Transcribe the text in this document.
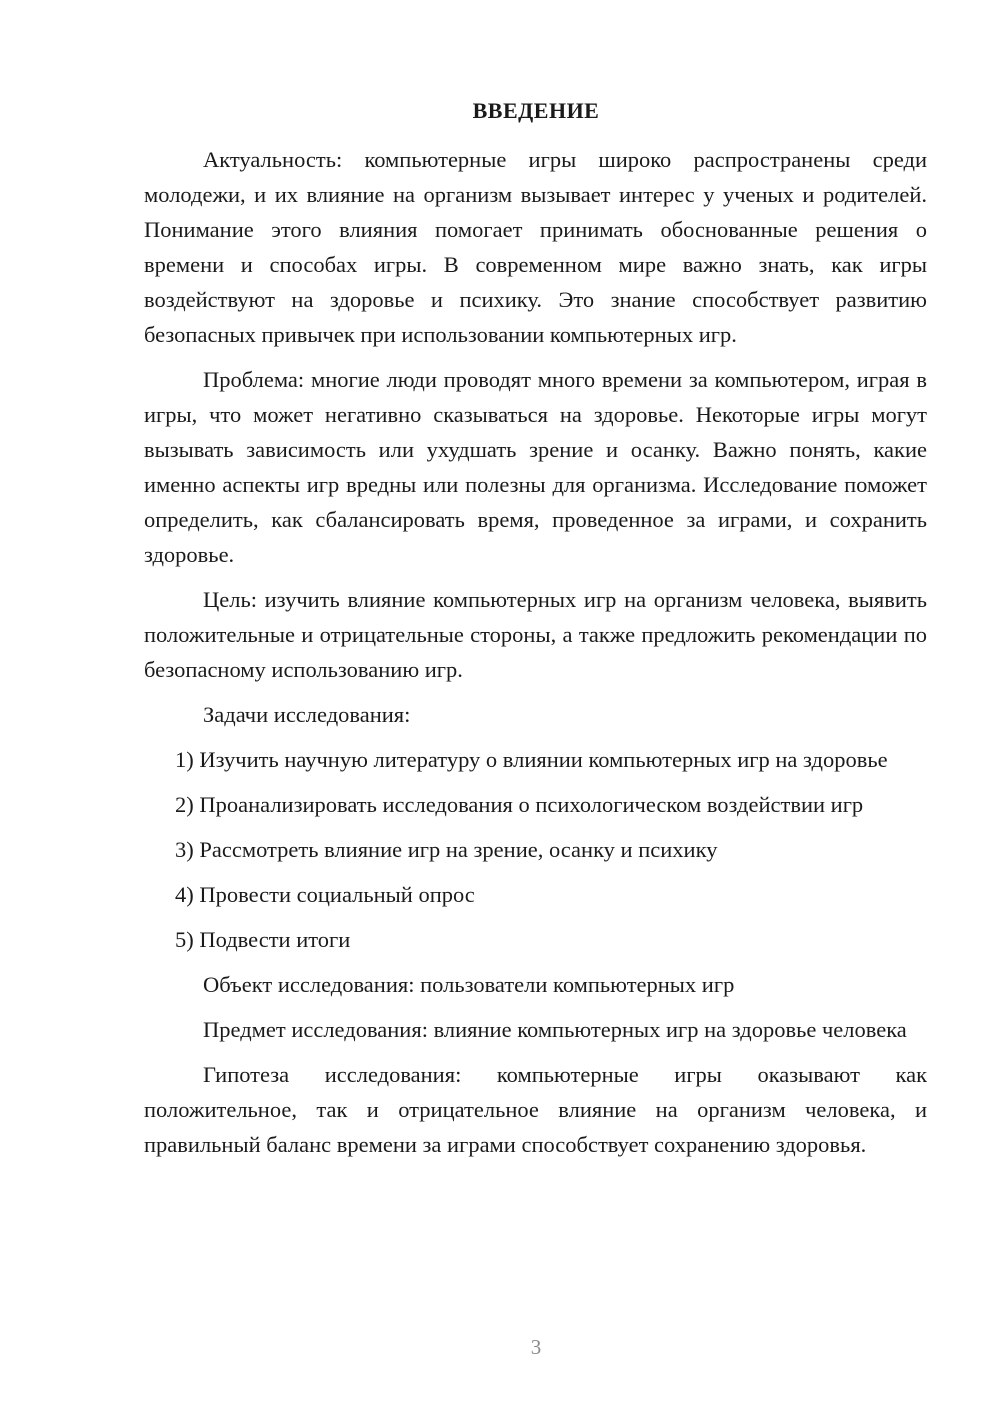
ВВЕДЕНИЕ

Актуальность: компьютерные игры широко распространены среди молодежи, и их влияние на организм вызывает интерес у ученых и родителей. Понимание этого влияния помогает принимать обоснованные решения о времени и способах игры. В современном мире важно знать, как игры воздействуют на здоровье и психику. Это знание способствует развитию безопасных привычек при использовании компьютерных игр.

Проблема: многие люди проводят много времени за компьютером, играя в игры, что может негативно сказываться на здоровье. Некоторые игры могут вызывать зависимость или ухудшать зрение и осанку. Важно понять, какие именно аспекты игр вредны или полезны для организма. Исследование поможет определить, как сбалансировать время, проведенное за играми, и сохранить здоровье.

Цель: изучить влияние компьютерных игр на организм человека, выявить положительные и отрицательные стороны, а также предложить рекомендации по безопасному использованию игр.

Задачи исследования:

1) Изучить научную литературу о влиянии компьютерных игр на здоровье

2) Проанализировать исследования о психологическом воздействии игр

3) Рассмотреть влияние игр на зрение, осанку и психику

4) Провести социальный опрос

5) Подвести итоги

Объект исследования: пользователи компьютерных игр

Предмет исследования: влияние компьютерных игр на здоровье человека

Гипотеза исследования: компьютерные игры оказывают как положительное, так и отрицательное влияние на организм человека, и правильный баланс времени за играми способствует сохранению здоровья.

3
